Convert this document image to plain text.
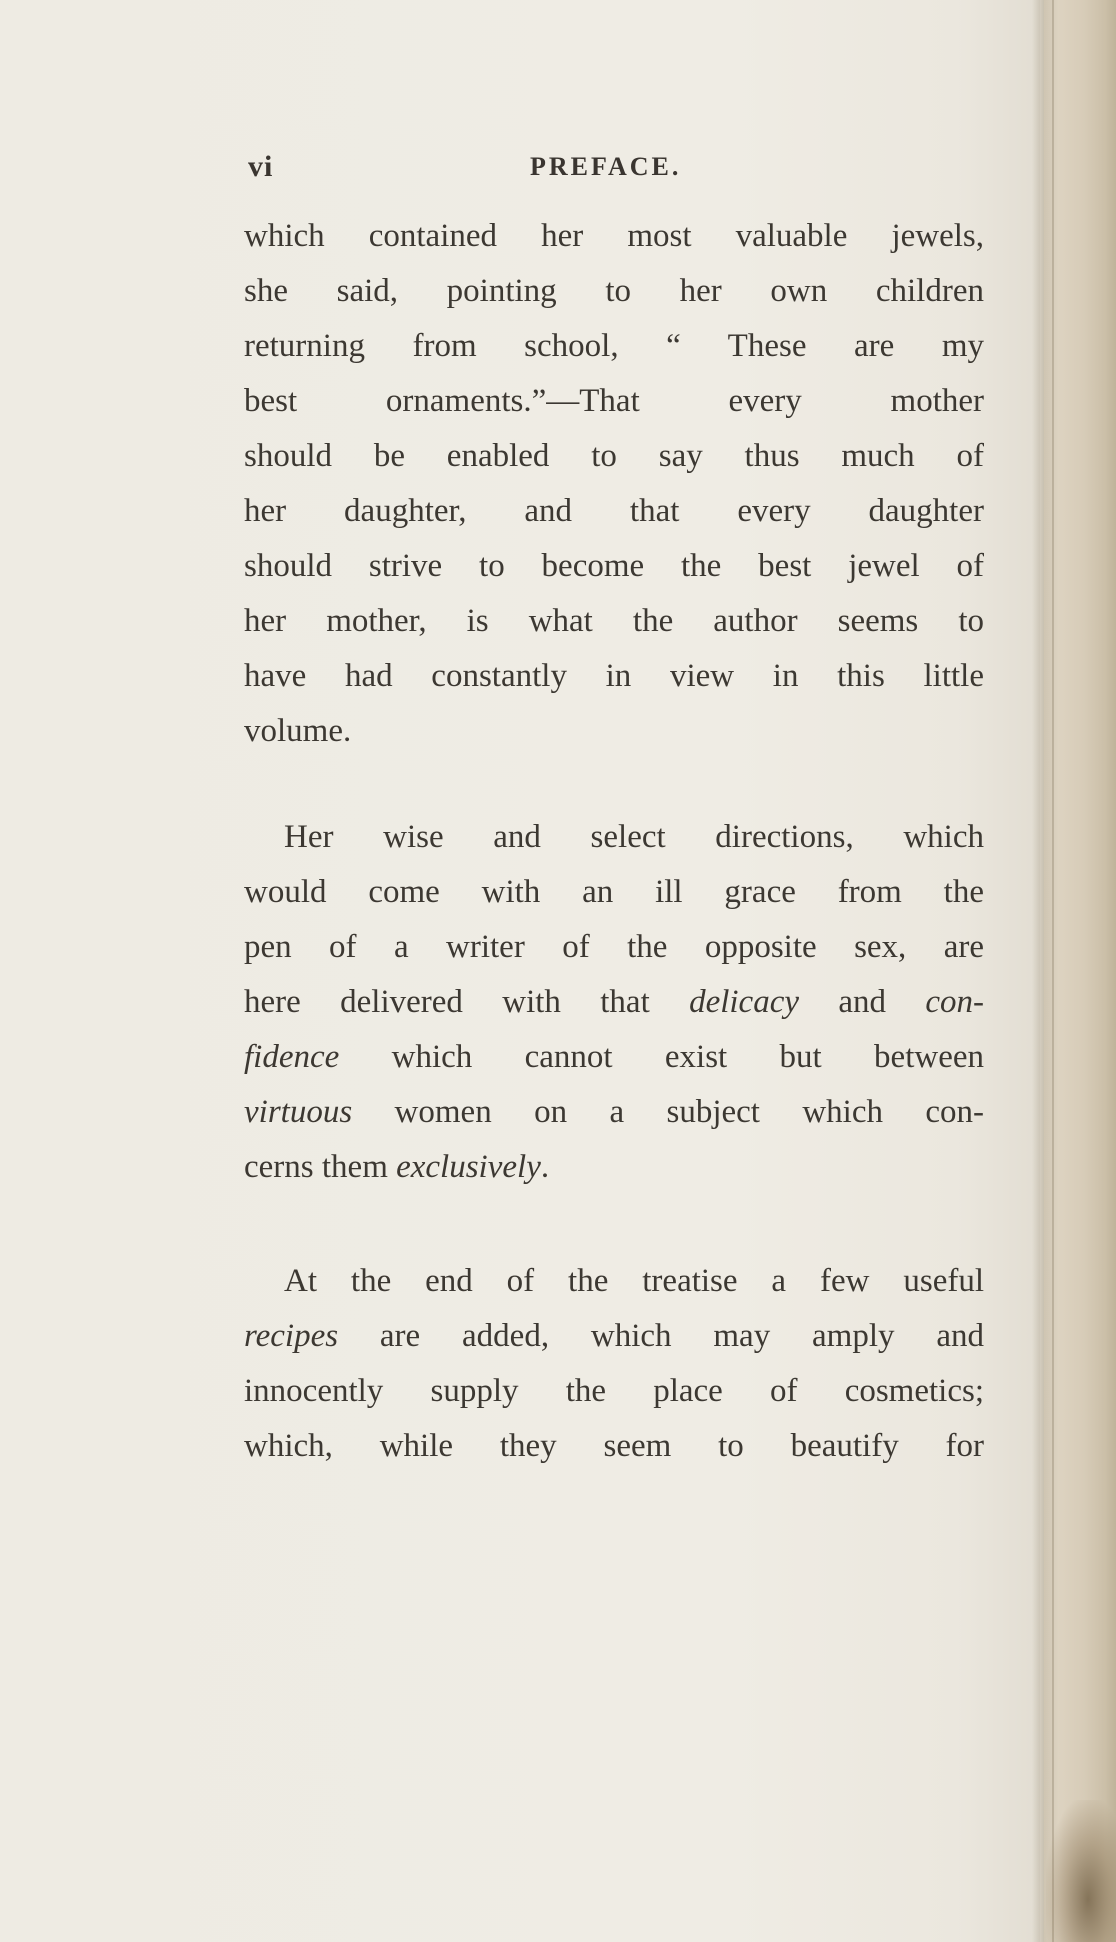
vi	PREFACE.
which contained her most valuable jewels,
she said, pointing to her own children
returning from school, “ These are my
best ornaments.”—That every mother
should be enabled to say thus much of
her daughter, and that every daughter
should strive to become the best jewel of
her mother, is what the author seems to
have had constantly in view in this little
volume.
Her wise and select directions, which
would come with an ill grace from the
pen of a writer of the opposite sex, are
here delivered with that delicacy and con-
fidence which cannot exist but between
virtuous women on a subject which con-
cerns them exclusively.
At the end of the treatise a few useful
recipes are added, which may amply and
innocently supply the place of cosmetics;
which, while they seem to beautify for
